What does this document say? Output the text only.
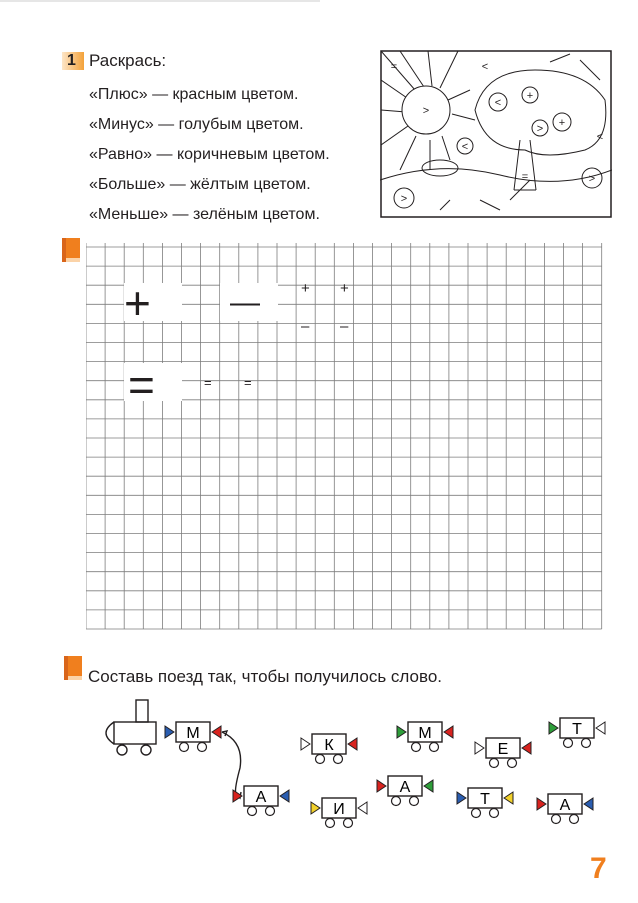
1 Раскрась:
«Плюс» — красным цветом.
«Минус» — голубым цветом.
«Равно» — коричневым цветом.
«Больше» — жёлтым цветом.
«Меньше» — зелёным цветом.
>
<
+
+
>
<
>
>
=
=	<
<
+	—
=
+ +
– –
= =
Составь поезд так, чтобы получилось слово.
М
А
К
М	Т
И
А
Е
Т	А
7
